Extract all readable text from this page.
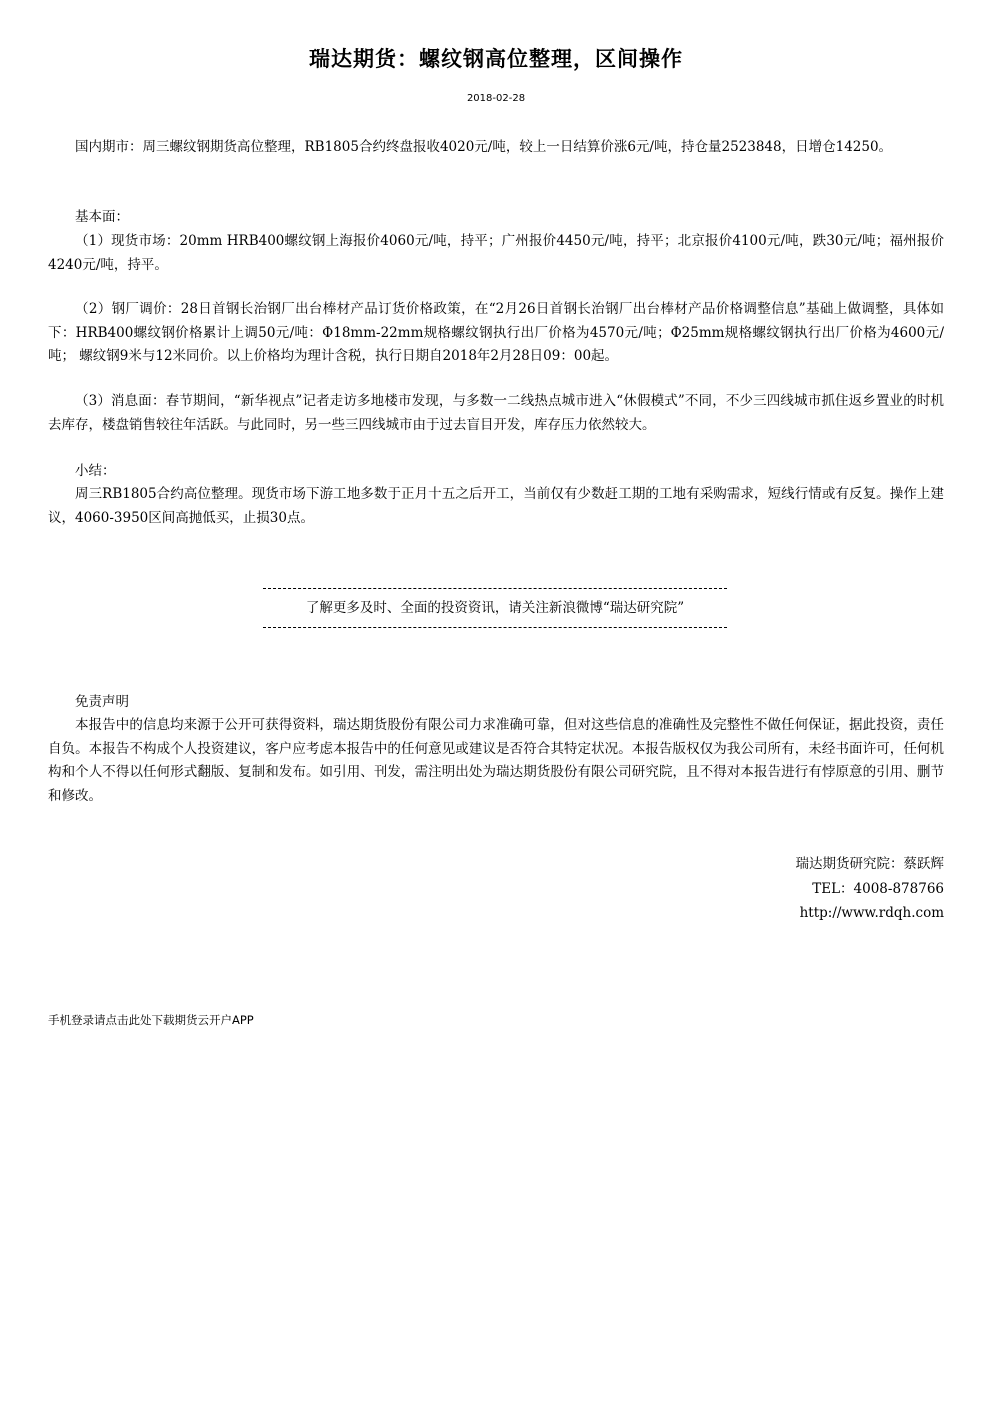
瑞达期货：螺纹钢高位整理，区间操作
2018-02-28

国内期市：周三螺纹钢期货高位整理，RB1805合约终盘报收4020元/吨，较上一日结算价涨6元/吨，持仓量2523848，日增仓14250。

基本面：

（1）现货市场：20mm HRB400螺纹钢上海报价4060元/吨，持平；广州报价4450元/吨，持平；北京报价4100元/吨，跌30元/吨；福州报价4240元/吨，持平。

（2）钢厂调价：28日首钢长治钢厂出台棒材产品订货价格政策，在“2月26日首钢长治钢厂出台棒材产品价格调整信息”基础上做调整，具体如下：HRB400螺纹钢价格累计上调50元/吨：Φ18mm-22mm规格螺纹钢执行出厂价格为4570元/吨；Φ25mm规格螺纹钢执行出厂价格为4600元/吨； 螺纹钢9米与12米同价。以上价格均为理计含税，执行日期自2018年2月28日09：00起。

（3）消息面：春节期间，“新华视点”记者走访多地楼市发现，与多数一二线热点城市进入“休假模式”不同，不少三四线城市抓住返乡置业的时机去库存，楼盘销售较往年活跃。与此同时，另一些三四线城市由于过去盲目开发，库存压力依然较大。

小结：

周三RB1805合约高位整理。现货市场下游工地多数于正月十五之后开工，当前仅有少数赶工期的工地有采购需求，短线行情或有反复。操作上建议，4060-3950区间高抛低买，止损30点。

了解更多及时、全面的投资资讯，请关注新浪微博“瑞达研究院”
免责声明

本报告中的信息均来源于公开可获得资料，瑞达期货股份有限公司力求准确可靠，但对这些信息的准确性及完整性不做任何保证，据此投资，责任自负。本报告不构成个人投资建议，客户应考虑本报告中的任何意见或建议是否符合其特定状况。本报告版权仅为我公司所有，未经书面许可，任何机构和个人不得以任何形式翻版、复制和发布。如引用、刊发，需注明出处为瑞达期货股份有限公司研究院，且不得对本报告进行有悖原意的引用、删节和修改。

瑞达期货研究院：蔡跃辉
TEL：4008-878766
http://www.rdqh.com
手机登录请点击此处下载期货云开户APP
